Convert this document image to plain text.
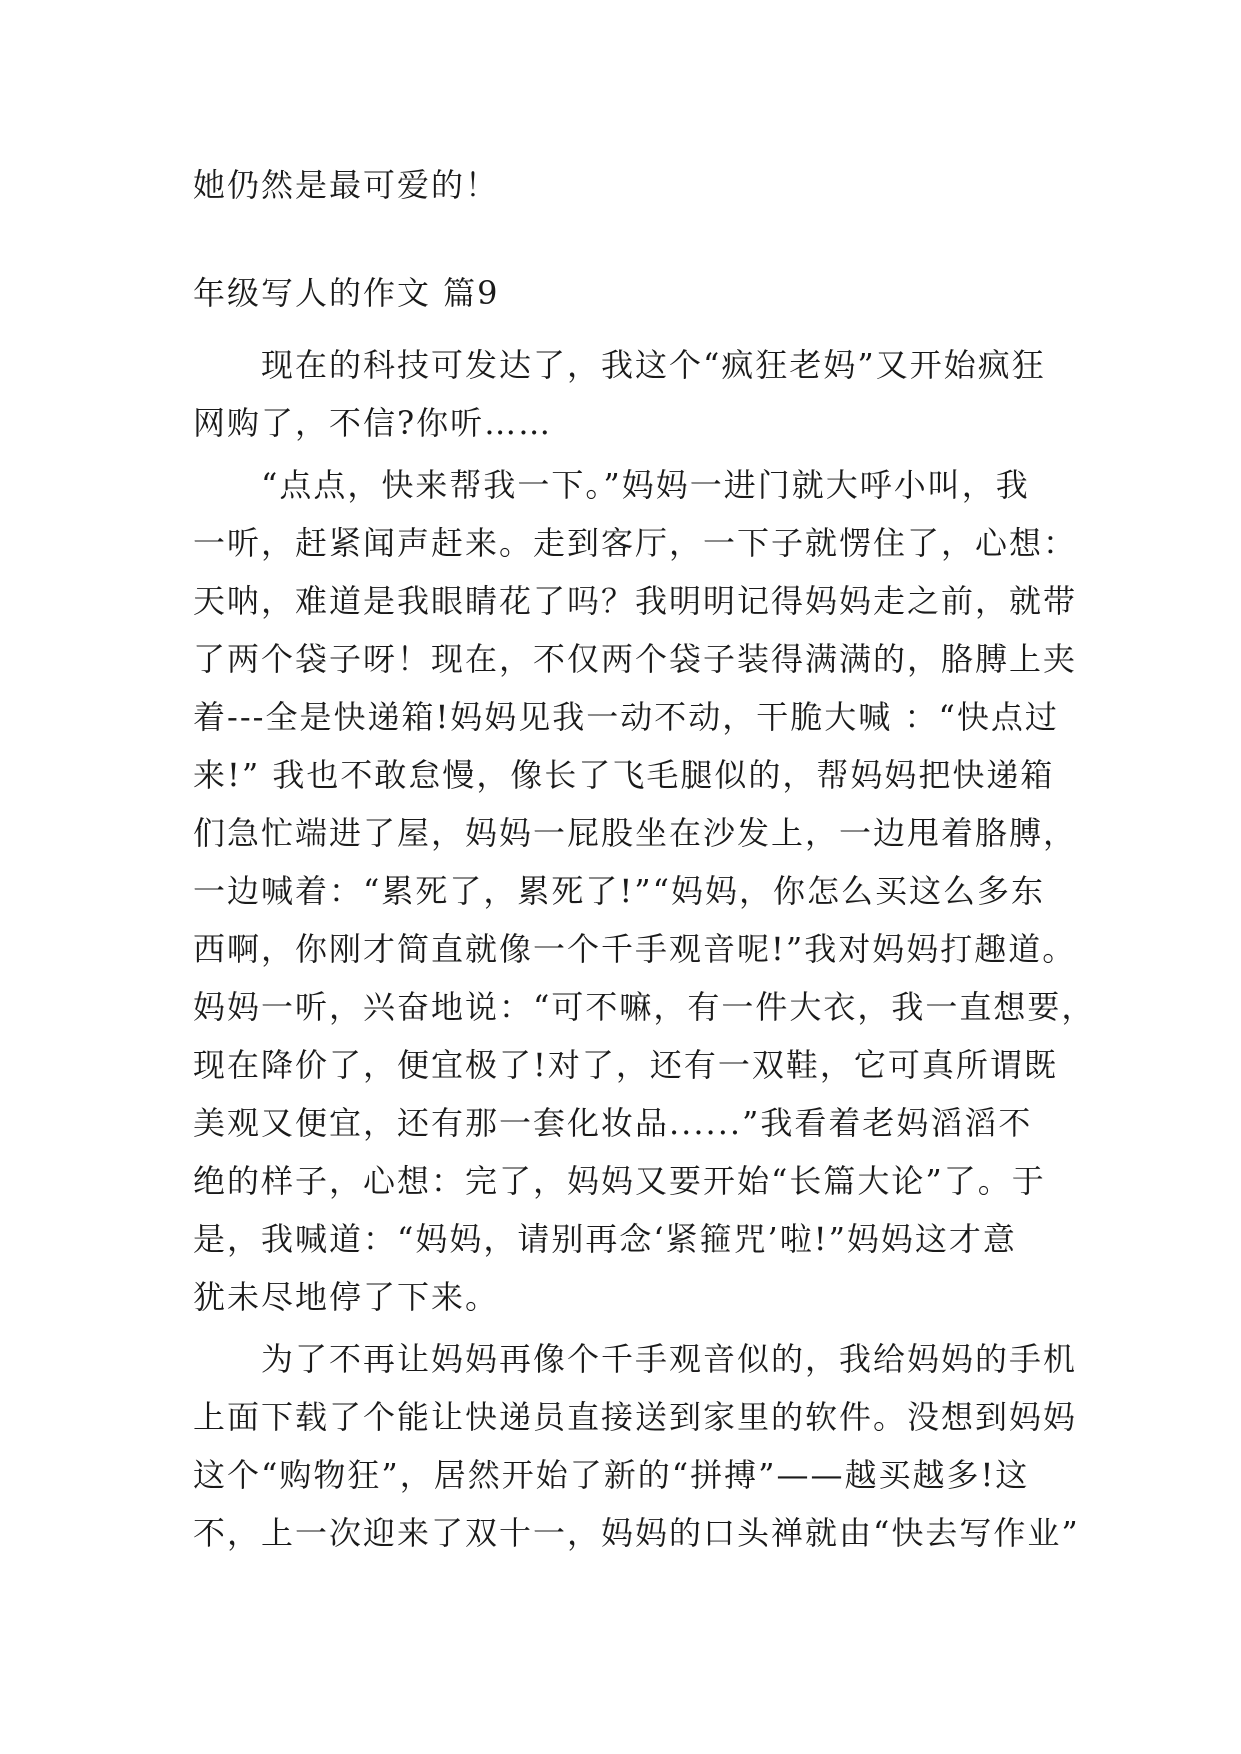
她仍然是最可爱的！
年级写人的作文 篇9
现在的科技可发达了，我这个“疯狂老妈”又开始疯狂
网购了，不信?你听……
“点点，快来帮我一下。”妈妈一进门就大呼小叫，我
一听，赶紧闻声赶来。走到客厅，一下子就愣住了，心想：
天呐，难道是我眼睛花了吗？我明明记得妈妈走之前，就带
了两个袋子呀！现在，不仅两个袋子装得满满的，胳膊上夹
着---全是快递箱!妈妈见我一动不动，干脆大喊 ：“快点过
来!” 我也不敢怠慢，像长了飞毛腿似的，帮妈妈把快递箱
们急忙端进了屋，妈妈一屁股坐在沙发上，一边甩着胳膊，
一边喊着：“累死了，累死了!”“妈妈，你怎么买这么多东
西啊，你刚才简直就像一个千手观音呢!”我对妈妈打趣道。
妈妈一听，兴奋地说：“可不嘛，有一件大衣，我一直想要，
现在降价了，便宜极了!对了，还有一双鞋，它可真所谓既
美观又便宜，还有那一套化妆品......”我看着老妈滔滔不
绝的样子，心想：完了，妈妈又要开始“长篇大论”了。于
是，我喊道：“妈妈，请别再念‘紧箍咒’啦!”妈妈这才意
犹未尽地停了下来。
为了不再让妈妈再像个千手观音似的，我给妈妈的手机
上面下载了个能让快递员直接送到家里的软件。没想到妈妈
这个“购物狂”，居然开始了新的“拼搏”——越买越多!这
不，上一次迎来了双十一，妈妈的口头禅就由“快去写作业”
